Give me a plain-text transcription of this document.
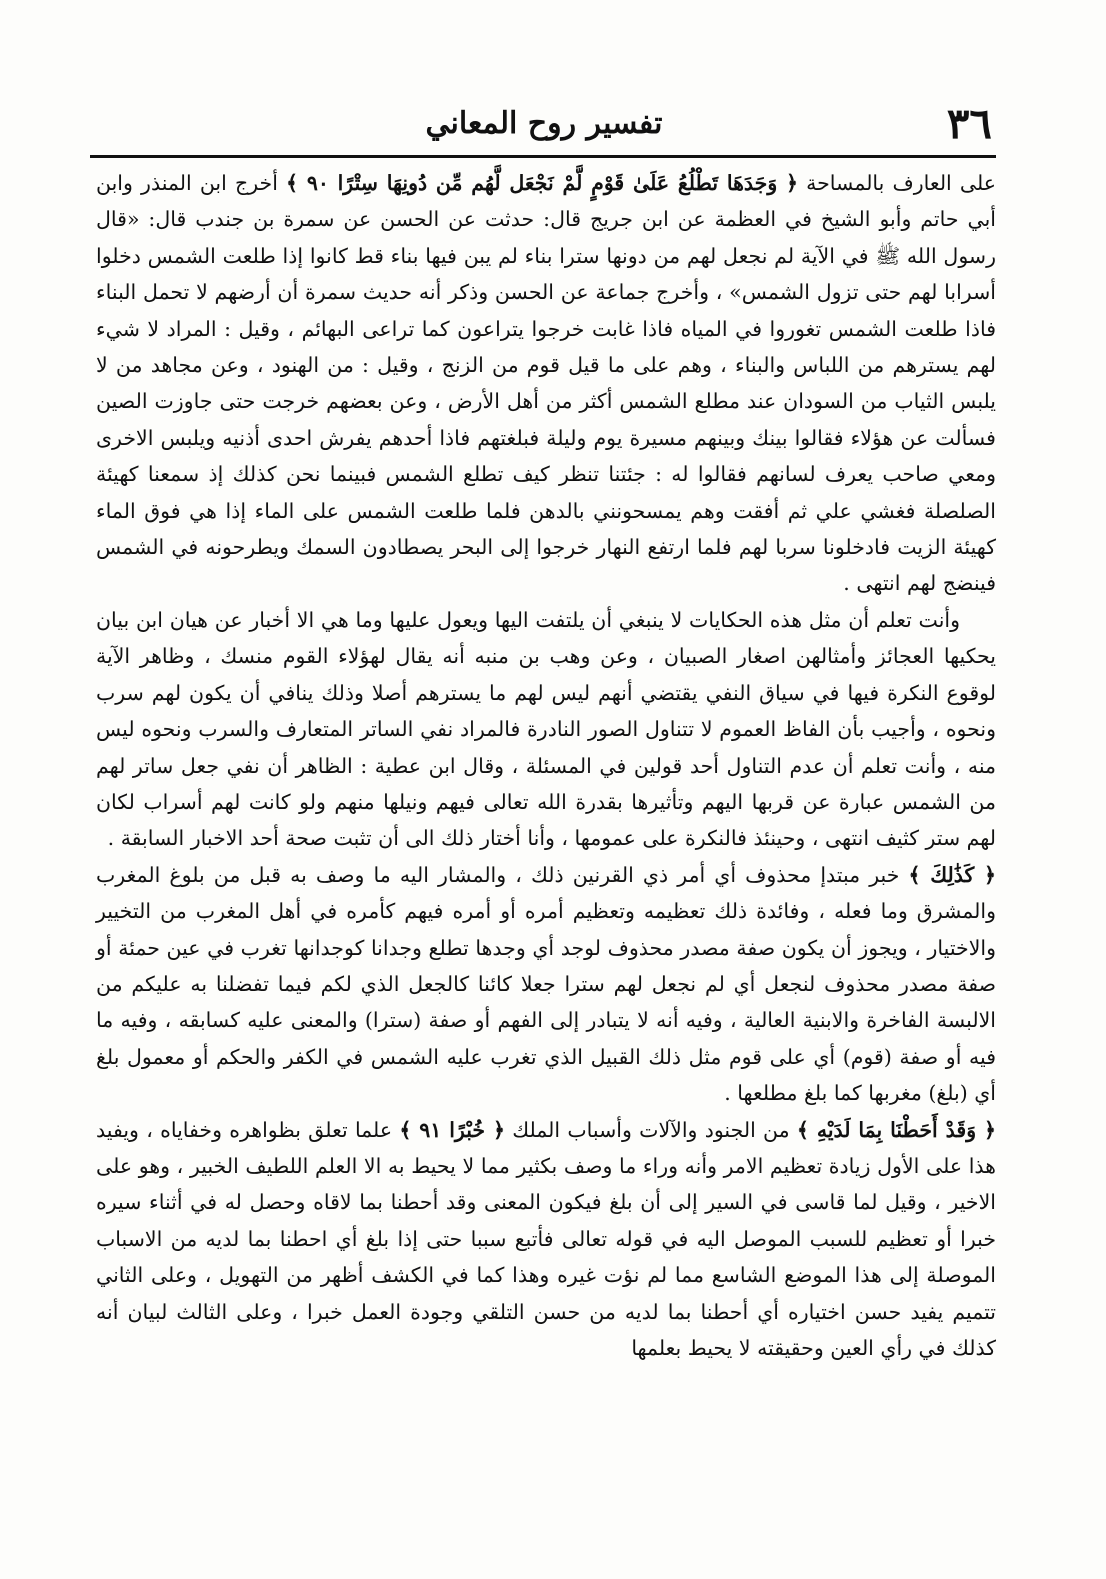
٣٦
تفسير روح المعاني

على العارف بالمساحة ﴿ وَجَدَهَا تَطْلُعُ عَلَىٰ قَوْمٍ لَّمْ نَجْعَل لَّهُم مِّن دُونِهَا سِتْرًا ٩٠ ﴾ أخرج ابن المنذر وابن أبي حاتم وأبو الشيخ في العظمة عن ابن جريج قال: حدثت عن الحسن عن سمرة بن جندب قال: «قال رسول الله ﷺ في الآية لم نجعل لهم من دونها سترا بناء لم يبن فيها بناء قط كانوا إذا طلعت الشمس دخلوا أسرابا لهم حتى تزول الشمس» ، وأخرج جماعة عن الحسن وذكر أنه حديث سمرة أن أرضهم لا تحمل البناء فاذا طلعت الشمس تغوروا في المياه فاذا غابت خرجوا يتراعون كما تراعى البهائم ، وقيل : المراد لا شيء لهم يسترهم من اللباس والبناء ، وهم على ما قيل قوم من الزنج ، وقيل : من الهنود ، وعن مجاهد من لا يلبس الثياب من السودان عند مطلع الشمس أكثر من أهل الأرض ، وعن بعضهم خرجت حتى جاوزت الصين فسألت عن هؤلاء فقالوا بينك وبينهم مسيرة يوم وليلة فبلغتهم فاذا أحدهم يفرش احدى أذنيه ويلبس الاخرى ومعي صاحب يعرف لسانهم فقالوا له : جئتنا تنظر كيف تطلع الشمس فبينما نحن كذلك إذ سمعنا كهيئة الصلصلة فغشي علي ثم أفقت وهم يمسحونني بالدهن فلما طلعت الشمس على الماء إذا هي فوق الماء كهيئة الزيت فادخلونا سربا لهم فلما ارتفع النهار خرجوا إلى البحر يصطادون السمك ويطرحونه في الشمس فينضج لهم انتهى .

وأنت تعلم أن مثل هذه الحكايات لا ينبغي أن يلتفت اليها ويعول عليها وما هي الا أخبار عن هيان ابن بيان يحكيها العجائز وأمثالهن اصغار الصبيان ، وعن وهب بن منبه أنه يقال لهؤلاء القوم منسك ، وظاهر الآية لوقوع النكرة فيها في سياق النفي يقتضي أنهم ليس لهم ما يسترهم أصلا وذلك ينافي أن يكون لهم سرب ونحوه ، وأجيب بأن الفاظ العموم لا تتناول الصور النادرة فالمراد نفي الساتر المتعارف والسرب ونحوه ليس منه ، وأنت تعلم أن عدم التناول أحد قولين في المسئلة ، وقال ابن عطية : الظاهر أن نفي جعل ساتر لهم من الشمس عبارة عن قربها اليهم وتأثيرها بقدرة الله تعالى فيهم ونيلها منهم ولو كانت لهم أسراب لكان لهم ستر كثيف انتهى ، وحينئذ فالنكرة على عمومها ، وأنا أختار ذلك الى أن تثبت صحة أحد الاخبار السابقة .

﴿ كَذَٰلِكَ ﴾ خبر مبتدإ محذوف أي أمر ذي القرنين ذلك ، والمشار اليه ما وصف به قبل من بلوغ المغرب والمشرق وما فعله ، وفائدة ذلك تعظيمه وتعظيم أمره أو أمره فيهم كأمره في أهل المغرب من التخيير والاختيار ، ويجوز أن يكون صفة مصدر محذوف لوجد أي وجدها تطلع وجدانا كوجدانها تغرب في عين حمئة أو صفة مصدر محذوف لنجعل أي لم نجعل لهم سترا جعلا كائنا كالجعل الذي لكم فيما تفضلنا به عليكم من الالبسة الفاخرة والابنية العالية ، وفيه أنه لا يتبادر إلى الفهم أو صفة (سترا) والمعنى عليه كسابقه ، وفيه ما فيه أو صفة (قوم) أي على قوم مثل ذلك القبيل الذي تغرب عليه الشمس في الكفر والحكم أو معمول بلغ أي (بلغ) مغربها كما بلغ مطلعها .

﴿ وَقَدْ أَحَطْنَا بِمَا لَدَيْهِ ﴾ من الجنود والآلات وأسباب الملك ﴿ خُبْرًا ٩١ ﴾ علما تعلق بظواهره وخفاياه ، ويفيد هذا على الأول زيادة تعظيم الامر وأنه وراء ما وصف بكثير مما لا يحيط به الا العلم اللطيف الخبير ، وهو على الاخير ، وقيل لما قاسى في السير إلى أن بلغ فيكون المعنى وقد أحطنا بما لاقاه وحصل له في أثناء سيره خبرا أو تعظيم للسبب الموصل اليه في قوله تعالى فأتبع سببا حتى إذا بلغ أي احطنا بما لديه من الاسباب الموصلة إلى هذا الموضع الشاسع مما لم نؤت غيره وهذا كما في الكشف أظهر من التهويل ، وعلى الثاني تتميم يفيد حسن اختياره أي أحطنا بما لديه من حسن التلقي وجودة العمل خبرا ، وعلى الثالث لبيان أنه كذلك في رأي العين وحقيقته لا يحيط بعلمها
